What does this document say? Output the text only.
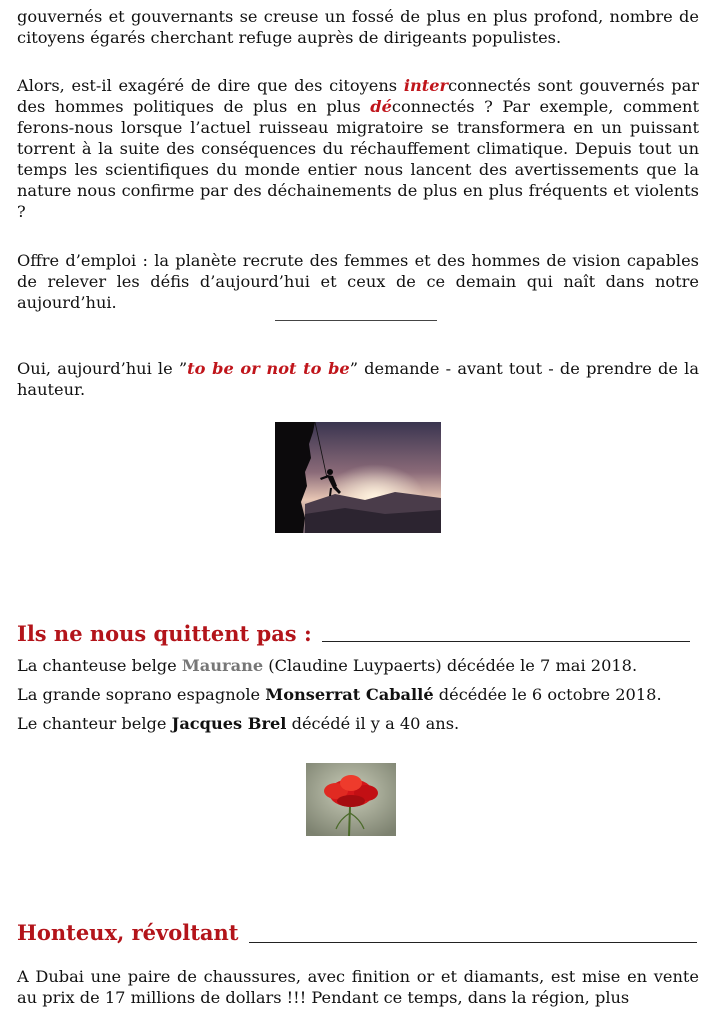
gouvernés et gouvernants se creuse un fossé de plus en plus profond, nombre de citoyens égarés cherchant refuge auprès de dirigeants populistes.

Alors, est-il exagéré de dire que des citoyens interconnectés sont gouvernés par des hommes politiques de plus en plus déconnectés ? Par exemple, comment ferons-nous lorsque l’actuel ruisseau migratoire se transformera en un puissant torrent à la suite des conséquences du réchauffement climatique. Depuis tout un temps les scientifiques du monde entier nous lancent des avertissements que la nature nous confirme par des déchainements de plus en plus fréquents et violents ?

Offre d’emploi : la planète recrute des femmes et des hommes de vision capables de relever les défis d’aujourd’hui et ceux de ce demain qui naît dans notre aujourd’hui.

Oui, aujourd’hui le ”to be or not to be” demande - avant tout - de prendre de la hauteur.

Ils ne nous quittent pas :

La chanteuse belge Maurane (Claudine Luypaerts) décédée le 7 mai 2018.

La grande soprano espagnole Monserrat Caballé décédée le 6 octobre 2018.

Le chanteur belge Jacques Brel décédé il y a 40 ans.

Honteux, révoltant

A Dubai une paire de chaussures, avec finition or et diamants, est mise en vente au prix de 17 millions de dollars !!! Pendant ce temps, dans la région, plus
